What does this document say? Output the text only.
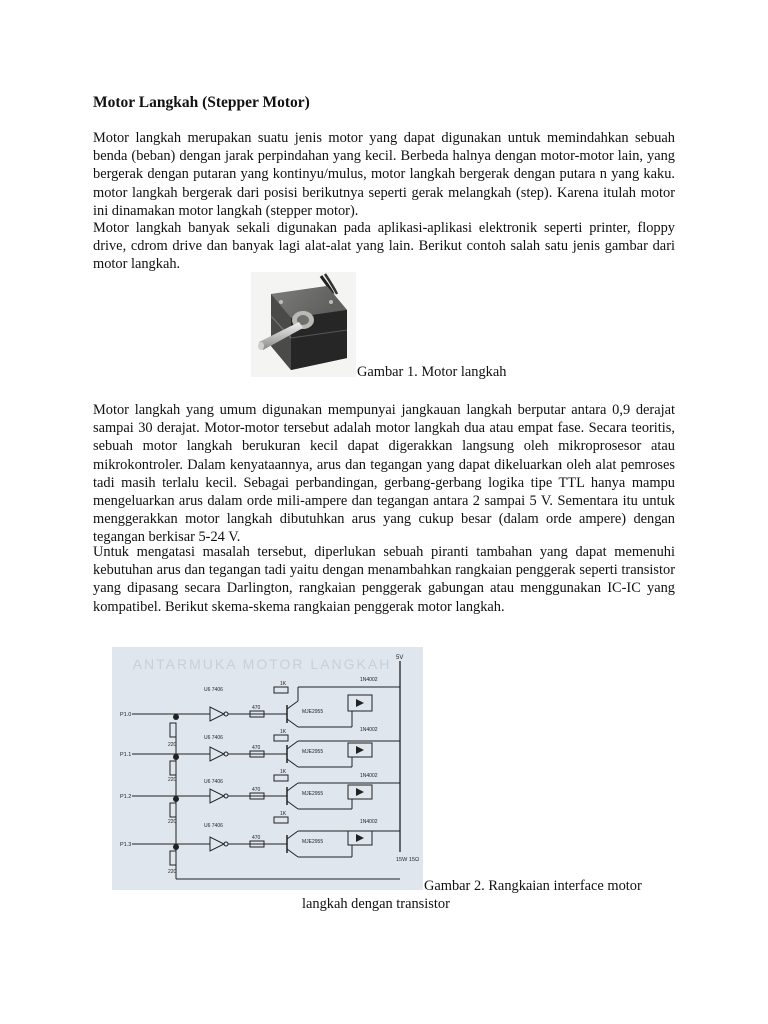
Motor Langkah (Stepper Motor)

Motor langkah merupakan suatu jenis motor yang dapat digunakan untuk memindahkan sebuah benda (beban) dengan jarak perpindahan yang kecil. Berbeda halnya dengan motor-motor lain, yang bergerak dengan putaran yang kontinyu/mulus, motor langkah bergerak dengan putara n yang kaku. motor langkah bergerak dari posisi berikutnya seperti gerak melangkah (step). Karena itulah motor ini dinamakan motor langkah (stepper motor).

Motor langkah banyak sekali digunakan pada aplikasi-aplikasi elektronik seperti printer, floppy drive, cdrom drive dan banyak lagi alat-alat yang lain. Berikut contoh salah satu jenis gambar dari motor langkah.

Gambar 1. Motor langkah

Motor langkah yang umum digunakan mempunyai jangkauan langkah berputar antara 0,9 derajat sampai 30 derajat. Motor-motor tersebut adalah motor langkah dua atau empat fase. Secara teoritis, sebuah motor langkah berukuran kecil dapat digerakkan langsung oleh mikroprosesor atau mikrokontroler. Dalam kenyataannya, arus dan tegangan yang dapat dikeluarkan oleh alat pemroses tadi masih terlalu kecil. Sebagai perbandingan, gerbang-gerbang logika tipe TTL hanya mampu mengeluarkan arus dalam orde mili-ampere dan tegangan antara 2 sampai 5 V. Sementara itu untuk menggerakkan motor langkah dibutuhkan arus yang cukup besar (dalam orde ampere) dengan tegangan berkisar 5-24 V.

Untuk mengatasi masalah tersebut, diperlukan sebuah piranti tambahan yang dapat memenuhi kebutuhan arus dan tegangan tadi yaitu dengan menambahkan rangkaian penggerak seperti transistor yang dipasang secara Darlington, rangkaian penggerak gabungan atau menggunakan IC-IC yang kompatibel. Berikut skema-skema rangkaian penggerak motor langkah.

ANTARMUKA MOTOR LANGKAH 5V
15W 15Ω
P1.0
U6 7406
470
1K
220
MJE2955
1N4002
P1.1
U6 7406
470
1K
220
MJE2955
1N4002
P1.2
U6 7406
470
1K
220
MJE2955
1N4002
P1.3
U6 7406
470
1K
220
MJE2955
1N4002

Gambar 2. Rangkaian interface motor

langkah dengan transistor
